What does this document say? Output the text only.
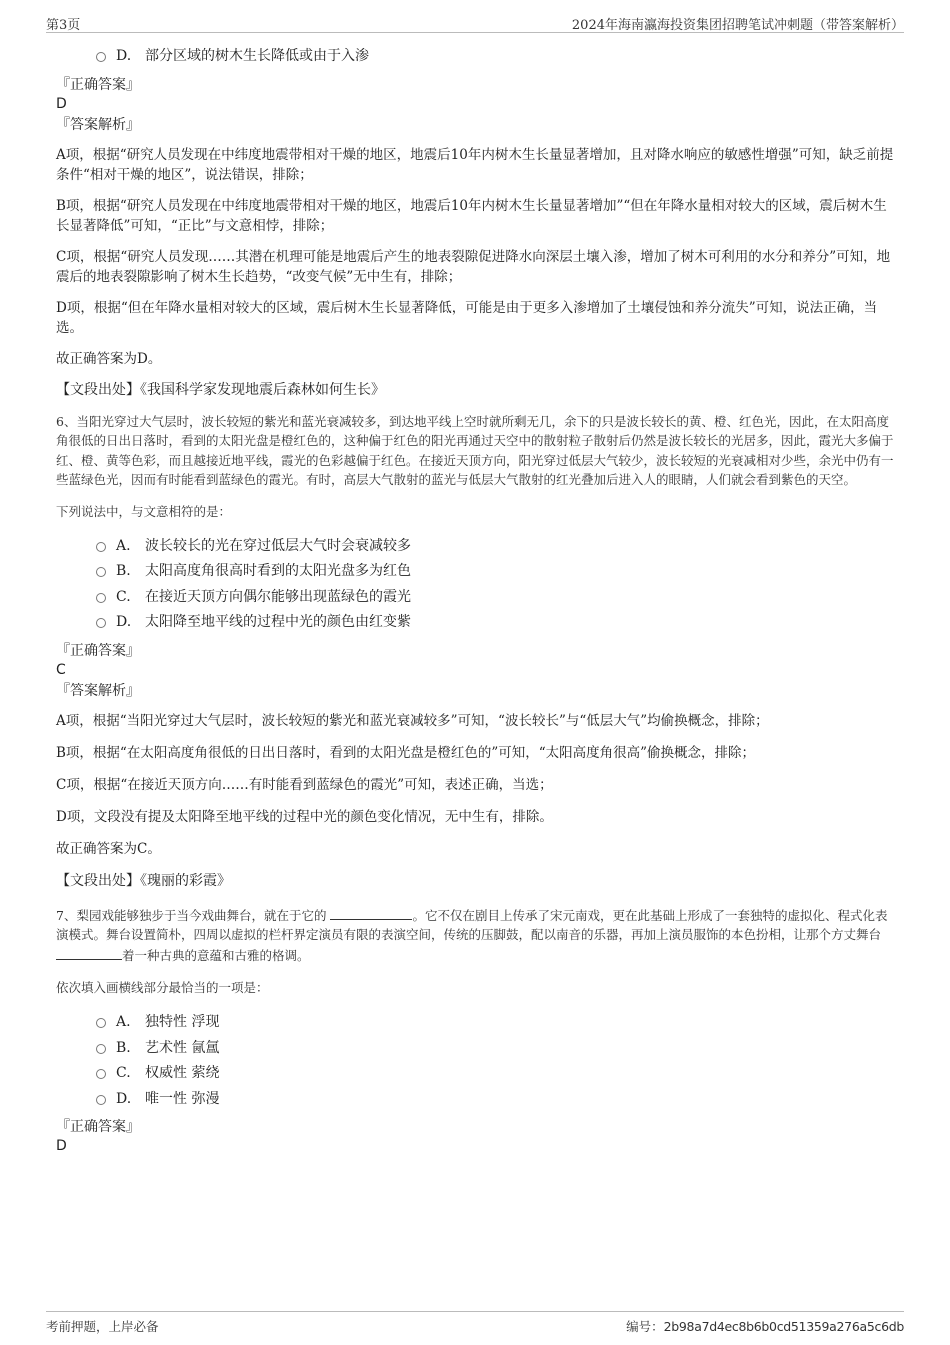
第3页	2024年海南瀛海投资集团招聘笔试冲刺题（带答案解析）
D. 部分区域的树木生长降低或由于入渗
『正确答案』
D
『答案解析』

A项，根据“研究人员发现在中纬度地震带相对干燥的地区，地震后10年内树木生长量显著增加，且对降水响应的敏感性增强”可知，缺乏前提条件“相对干燥的地区”，说法错误，排除；

B项，根据“研究人员发现在中纬度地震带相对干燥的地区，地震后10年内树木生长量显著增加”“但在年降水量相对较大的区域，震后树木生长显著降低”可知，“正比”与文意相悖，排除；

C项，根据“研究人员发现……其潜在机理可能是地震后产生的地表裂隙促进降水向深层土壤入渗，增加了树木可利用的水分和养分”可知，地震后的地表裂隙影响了树木生长趋势，“改变气候”无中生有，排除；

D项，根据“但在年降水量相对较大的区域，震后树木生长显著降低，可能是由于更多入渗增加了土壤侵蚀和养分流失”可知，说法正确，当选。

故正确答案为D。

【文段出处】《我国科学家发现地震后森林如何生长》
6、当阳光穿过大气层时，波长较短的紫光和蓝光衰减较多，到达地平线上空时就所剩无几，余下的只是波长较长的黄、橙、红色光，因此，在太阳高度角很低的日出日落时，看到的太阳光盘是橙红色的，这种偏于红色的阳光再通过天空中的散射粒子散射后仍然是波长较长的光居多，因此，霞光大多偏于红、橙、黄等色彩，而且越接近地平线，霞光的色彩越偏于红色。在接近天顶方向，阳光穿过低层大气较少，波长较短的光衰减相对少些，余光中仍有一些蓝绿色光，因而有时能看到蓝绿色的霞光。有时，高层大气散射的蓝光与低层大气散射的红光叠加后进入人的眼睛，人们就会看到紫色的天空。
下列说法中，与文意相符的是：
A. 波长较长的光在穿过低层大气时会衰减较多
B. 太阳高度角很高时看到的太阳光盘多为红色
C. 在接近天顶方向偶尔能够出现蓝绿色的霞光
D. 太阳降至地平线的过程中光的颜色由红变紫
『正确答案』
C
『答案解析』

A项，根据“当阳光穿过大气层时，波长较短的紫光和蓝光衰减较多”可知，“波长较长”与“低层大气”均偷换概念，排除；

B项，根据“在太阳高度角很低的日出日落时，看到的太阳光盘是橙红色的”可知，“太阳高度角很高”偷换概念，排除；

C项，根据“在接近天顶方向……有时能看到蓝绿色的霞光”可知，表述正确，当选；

D项，文段没有提及太阳降至地平线的过程中光的颜色变化情况，无中生有，排除。

故正确答案为C。

【文段出处】《瑰丽的彩霞》
7、梨园戏能够独步于当今戏曲舞台，就在于它的	。它不仅在剧目上传承了宋元南戏，更在此基础上形成了一套独特的虚拟化、程式化表演模式。舞台设置简朴，四周以虚拟的栏杆界定演员有限的表演空间，传统的压脚鼓，配以南音的乐器，再加上演员服饰的本色扮相，让那个方丈舞台 着一种古典的意蕴和古雅的格调。
依次填入画横线部分最恰当的一项是：
A. 独特性 浮现
B. 艺术性 氤氲
C. 权威性 萦绕
D. 唯一性 弥漫
『正确答案』
D
考前押题，上岸必备	编号：2b98a7d4ec8b6b0cd51359a276a5c6db
